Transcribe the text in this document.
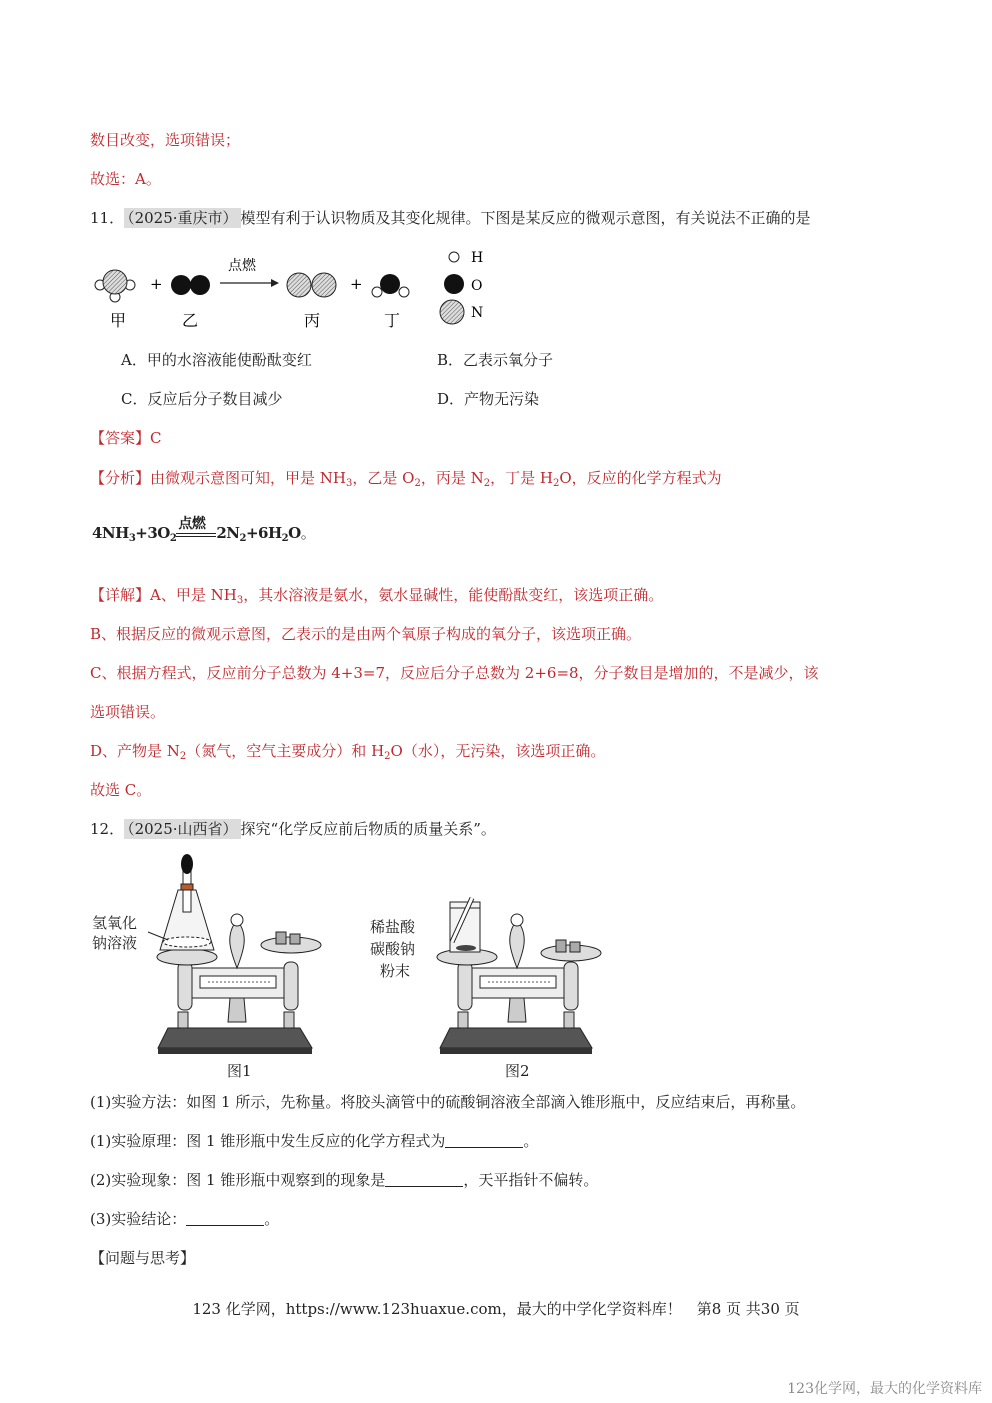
数目改变，选项错误；
故选：A。
11． （2025·重庆市） 模型有利于认识物质及其变化规律。下图是某反应的微观示意图，有关说法不正确的是
+
点燃
+
甲	乙	丙	丁
H
O
N
A．甲的水溶液能使酚酞变红	B．乙表示氧分子
C．反应后分子数目减少	D．产物无污染
【答案】C
【分析】由微观示意图可知，甲是 $NH_3$，乙是 $O_2$，丙是 $N_2$，丁是 $H_2O$，反应的化学方程式为
$4NH_3+3O_2$
点燃 $2N_2+6H_2O$。
【详解】A、甲是 $NH_3$，其水溶液是氨水，氨水显碱性，能使酚酞变红，该选项正确。
B、根据反应的微观示意图，乙表示的是由两个氧原子构成的氧分子，该选项正确。
C、根据方程式，反应前分子总数为 4+3=7，反应后分子总数为 2+6=8，分子数目是增加的，不是减少，该
选项错误。
D、产物是 $N_2$（氮气，空气主要成分）和 $H_2O$（水），无污染，该选项正确。
故选 C。
12． （2025·山西省） 探究“化学反应前后物质的质量关系”。
氢氧化
钠溶液
图1
稀盐酸
碳酸钠
粉末
图2
(1)实验方法：如图 1 所示，先称量。将胶头滴管中的硫酸铜溶液全部滴入锥形瓶中，反应结束后，再称量。
(1)实验原理：图 1 锥形瓶中发生反应的化学方程式为	。
(2)实验现象：图 1 锥形瓶中观察到的现象是	，天平指针不偏转。
(3)实验结论：	。
【问题与思考】
123 化学网，https://www.123huaxue.com，最大的中学化学资料库！　第8 页 共30 页
123化学网，最大的化学资料库
